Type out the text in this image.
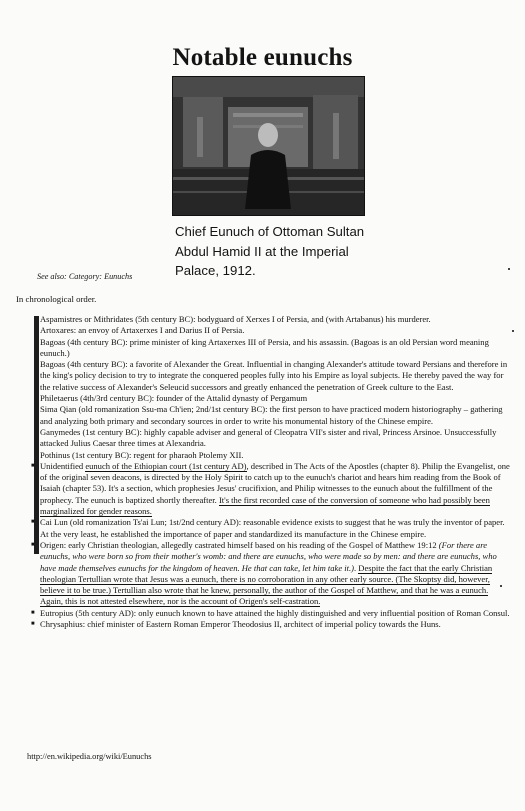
Notable eunuchs
Chief Eunuch of Ottoman Sultan
Abdul Hamid II at the Imperial
Palace, 1912.
See also: Category: Eunuchs
In chronological order.
Aspamistres or Mithridates (5th century BC): bodyguard of Xerxes I of Persia, and (with Artabanus) his murderer.
Artoxares: an envoy of Artaxerxes I and Darius II of Persia.
Bagoas (4th century BC): prime minister of king Artaxerxes III of Persia, and his assassin. (Bagoas is an old Persian word meaning eunuch.)
Bagoas (4th century BC): a favorite of Alexander the Great. Influential in changing Alexander's attitude toward Persians and therefore in the king's policy decision to try to integrate the conquered peoples fully into his Empire as loyal subjects. He thereby paved the way for the relative success of Alexander's Seleucid successors and greatly enhanced the penetration of Greek culture to the East.
Philetaerus (4th/3rd century BC): founder of the Attalid dynasty of Pergamum
Sima Qian (old romanization Ssu-ma Ch'ien; 2nd/1st century BC): the first person to have practiced modern historiography – gathering and analyzing both primary and secondary sources in order to write his monumental history of the Chinese empire.
Ganymedes (1st century BC): highly capable adviser and general of Cleopatra VII's sister and rival, Princess Arsinoe. Unsuccessfully attacked Julius Caesar three times at Alexandria.
Pothinus (1st century BC): regent for pharaoh Ptolemy XII.
■ Unidentified eunuch of the Ethiopian court (1st century AD), described in The Acts of the Apostles (chapter 8). Philip the Evangelist, one of the original seven deacons, is directed by the Holy Spirit to catch up to the eunuch's chariot and hears him reading from the Book of Isaiah (chapter 53). It's a section, which prophesies Jesus' crucifixion, and Philip witnesses to the eunuch about the fulfillment of the prophecy. The eunuch is baptized shortly thereafter. It's the first recorded case of the conversion of someone who had possibly been marginalized for gender reasons.
■ Cai Lun (old romanization Ts'ai Lun; 1st/2nd century AD): reasonable evidence exists to suggest that he was truly the inventor of paper. At the very least, he established the importance of paper and standardized its manufacture in the Chinese empire.
■ Origen: early Christian theologian, allegedly castrated himself based on his reading of the Gospel of Matthew 19:12 (For there are eunuchs, who were born so from their mother's womb: and there are eunuchs, who were made so by men: and there are eunuchs, who have made themselves eunuchs for the kingdom of heaven. He that can take, let him take it.). Despite the fact that the early Christian theologian Tertullian wrote that Jesus was a eunuch, there is no corroboration in any other early source. (The Skoptsy did, however, believe it to be true.) Tertullian also wrote that he knew, personally, the author of the Gospel of Matthew, and that he was a eunuch. Again, this is not attested elsewhere, nor is the account of Origen's self-castration.
■ Eutropius (5th century AD): only eunuch known to have attained the highly distinguished and very influential position of Roman Consul.
■ Chrysaphius: chief minister of Eastern Roman Emperor Theodosius II, architect of imperial policy towards the Huns.
http://en.wikipedia.org/wiki/Eunuchs
